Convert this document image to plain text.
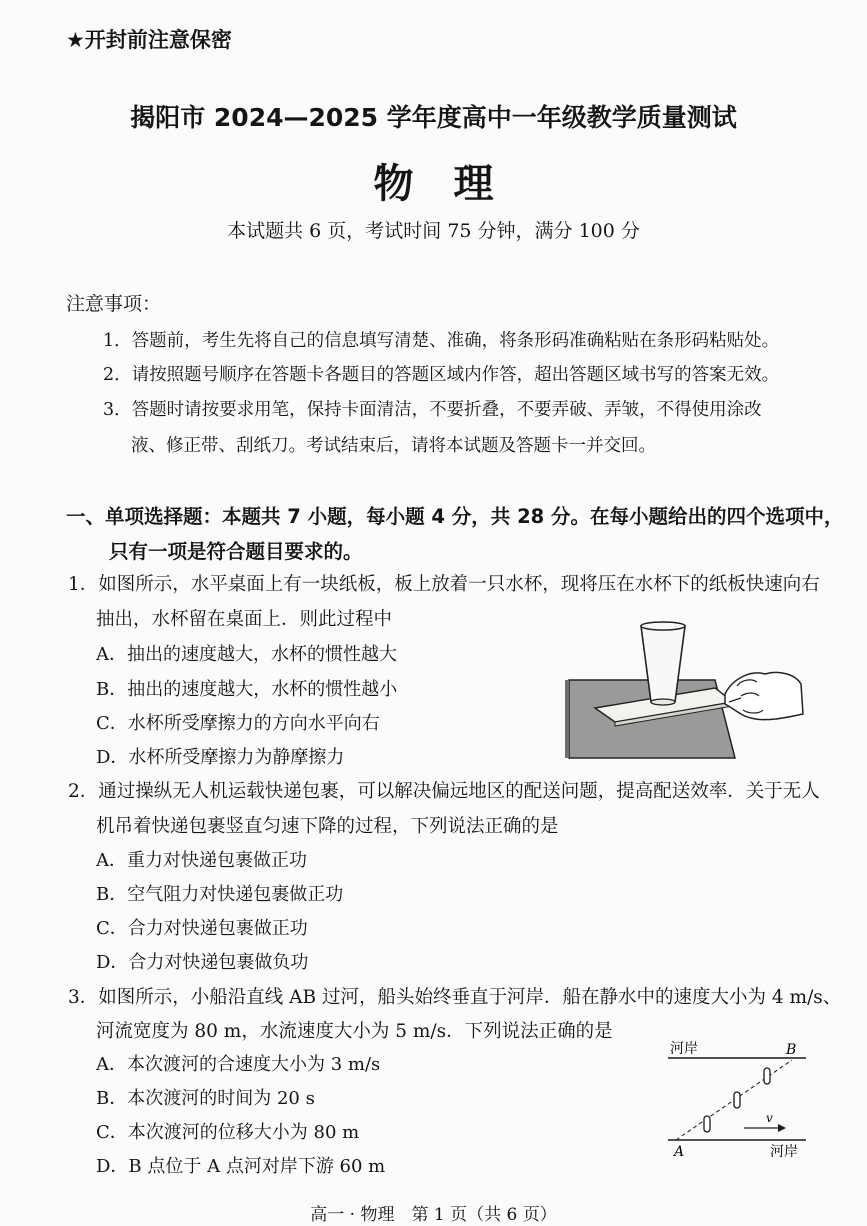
★开封前注意保密
揭阳市 2024—2025 学年度高中一年级教学质量测试
物理
本试题共 6 页，考试时间 75 分钟，满分 100 分
注意事项：
1．答题前，考生先将自己的信息填写清楚、准确，将条形码准确粘贴在条形码粘贴处。
2．请按照题号顺序在答题卡各题目的答题区域内作答，超出答题区域书写的答案无效。
3．答题时请按要求用笔，保持卡面清洁，不要折叠，不要弄破、弄皱，不得使用涂改
液、修正带、刮纸刀。考试结束后，请将本试题及答题卡一并交回。
一、单项选择题：本题共 7 小题，每小题 4 分，共 28 分。在每小题给出的四个选项中，
只有一项是符合题目要求的。
1．如图所示，水平桌面上有一块纸板，板上放着一只水杯，现将压在水杯下的纸板快速向右
抽出，水杯留在桌面上．则此过程中
A．抽出的速度越大，水杯的惯性越大
B．抽出的速度越大，水杯的惯性越小
C．水杯所受摩擦力的方向水平向右
D．水杯所受摩擦力为静摩擦力
2．通过操纵无人机运载快递包裹，可以解决偏远地区的配送问题，提高配送效率．关于无人
机吊着快递包裹竖直匀速下降的过程，下列说法正确的是
A．重力对快递包裹做正功
B．空气阻力对快递包裹做正功
C．合力对快递包裹做正功
D．合力对快递包裹做负功
3．如图所示，小船沿直线 AB 过河，船头始终垂直于河岸．船在静水中的速度大小为 4 m/s、
河流宽度为 80 m，水流速度大小为 5 m/s．下列说法正确的是
A．本次渡河的合速度大小为 3 m/s
B．本次渡河的时间为 20 s
C．本次渡河的位移大小为 80 m
D．B 点位于 A 点河对岸下游 60 m
河岸
河岸
B
A
v
高一 · 物理　第 1 页（共 6 页）
